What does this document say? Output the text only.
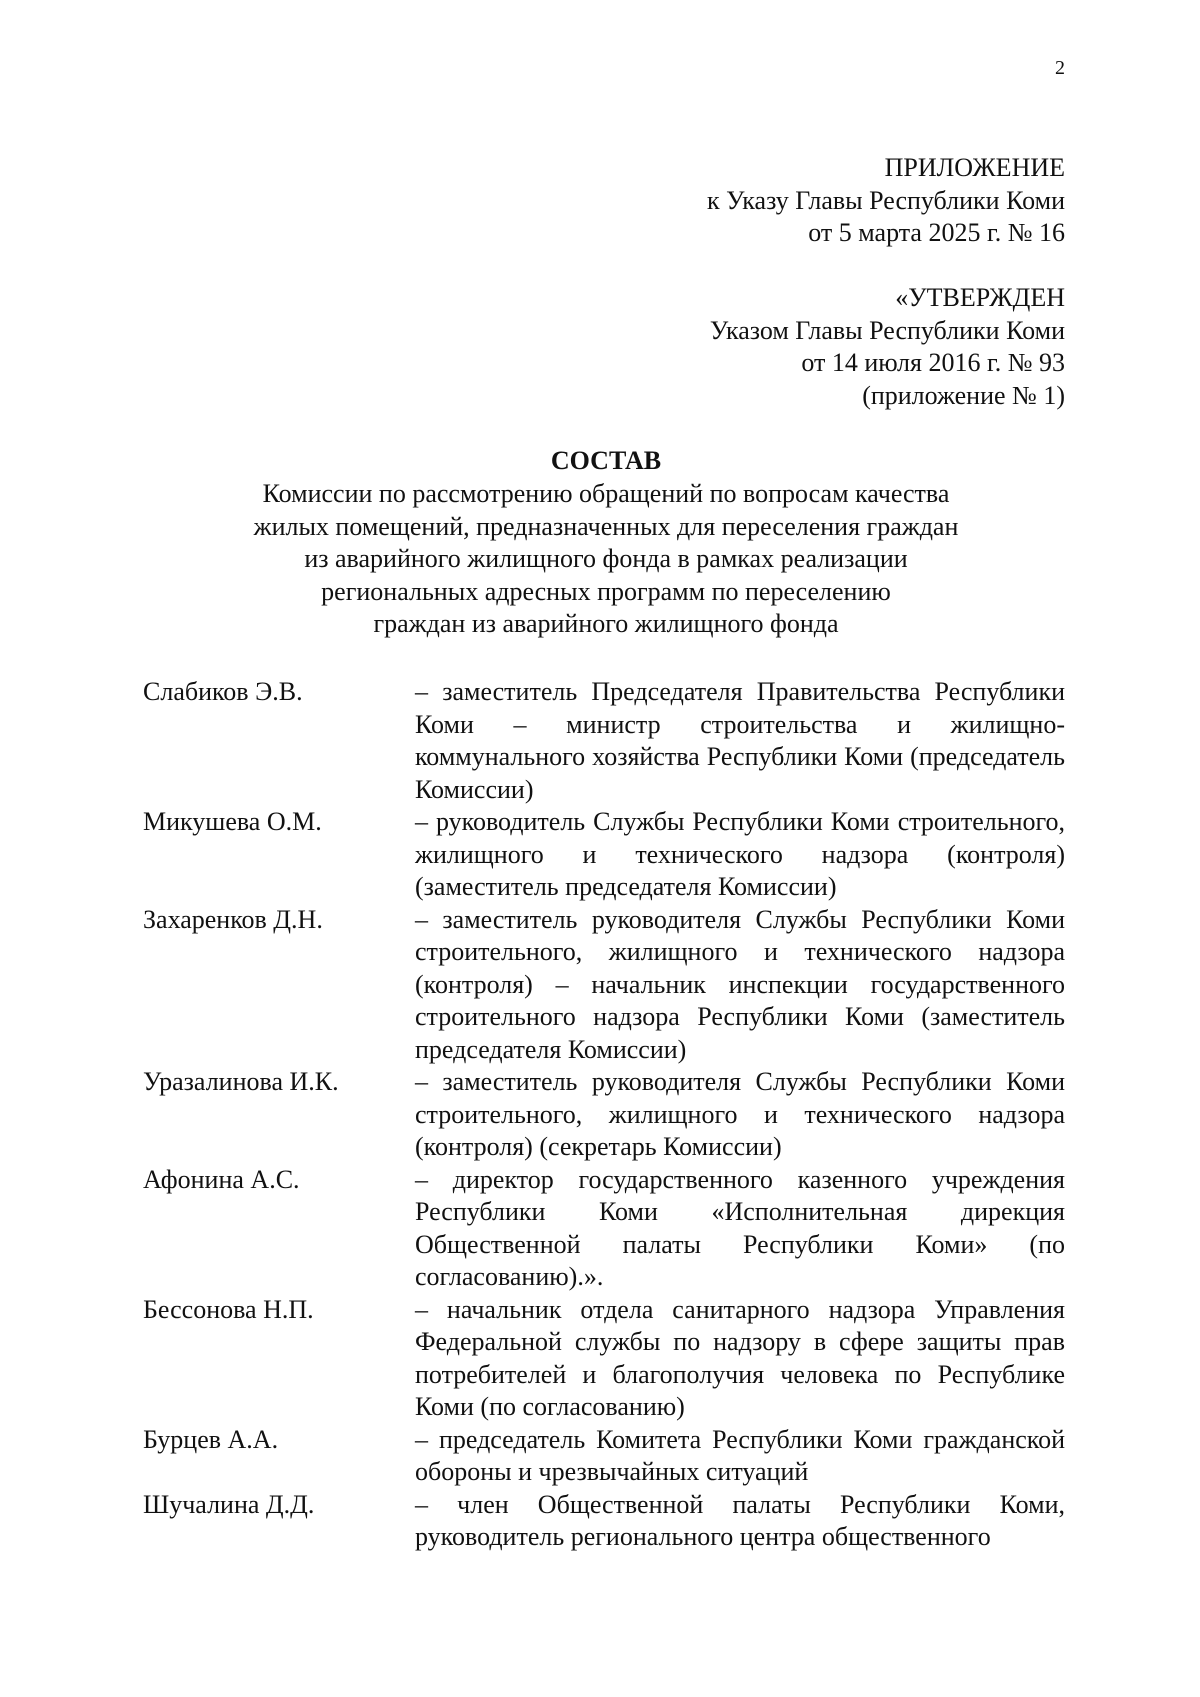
2
ПРИЛОЖЕНИЕ
к Указу Главы Республики Коми
от 5 марта 2025 г. № 16
«УТВЕРЖДЕН
Указом Главы Республики Коми
от 14 июля 2016 г. № 93
(приложение № 1)
СОСТАВ
Комиссии по рассмотрению обращений по вопросам качества
жилых помещений, предназначенных для переселения граждан
из аварийного жилищного фонда в рамках реализации
региональных адресных программ по переселению
граждан из аварийного жилищного фонда
Слабиков Э.В.	– заместитель Председателя Правительства Республики Коми – министр строительства и жилищно-коммунального хозяйства Республики Коми (председатель Комиссии)
Микушева О.М.	– руководитель Службы Республики Коми строительного, жилищного и технического надзора (контроля) (заместитель председателя Комиссии)
Захаренков Д.Н.	– заместитель руководителя Службы Республики Коми строительного, жилищного и технического надзора (контроля) – начальник инспекции государственного строительного надзора Республики Коми (заместитель председателя Комиссии)
Уразалинова И.К.	– заместитель руководителя Службы Республики Коми строительного, жилищного и технического надзора (контроля) (секретарь Комиссии)
Афонина А.С.	– директор государственного казенного учреждения Республики Коми «Исполнительная дирекция Общественной палаты Республики Коми» (по согласованию).».
Бессонова Н.П.	– начальник отдела санитарного надзора Управления Федеральной службы по надзору в сфере защиты прав потребителей и благополучия человека по Республике Коми (по согласованию)
Бурцев А.А.	– председатель Комитета Республики Коми гражданской обороны и чрезвычайных ситуаций
Шучалина Д.Д.	– член Общественной палаты Республики Коми, руководитель регионального центра общественного
